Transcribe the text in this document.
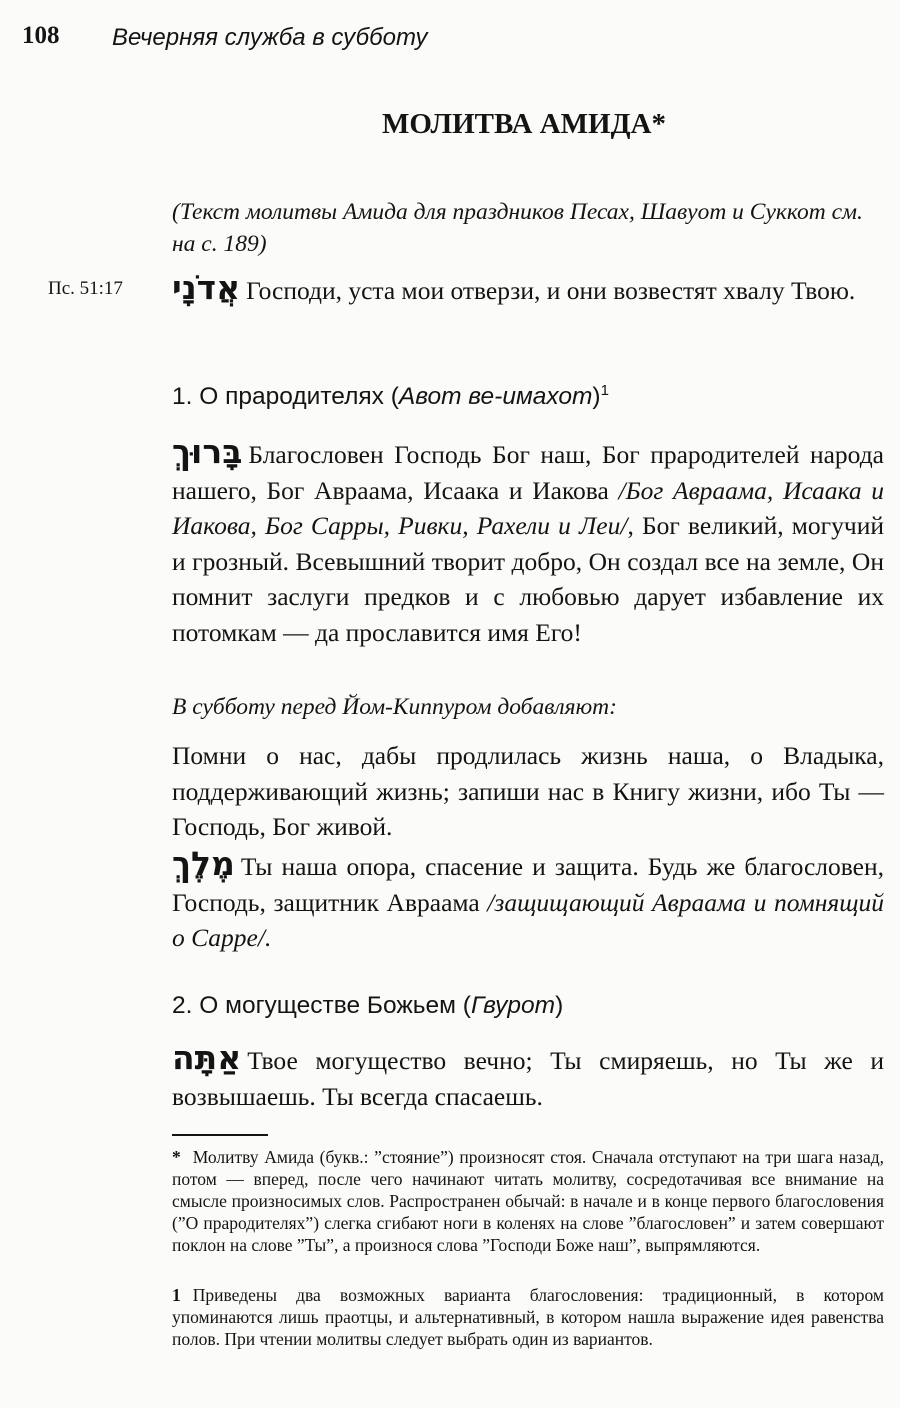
108 Вечерняя служба в субботу
МОЛИТВА АМИДА*
(Текст молитвы Амида для праздников Песах, Шавуот и Суккот см. на с. 189)
Пс. 51:17 אֲדֹנָי Господи, уста мои отверзи, и они возвестят хвалу Твою.
1. О прародителях (Авот ве-имахот)$^1$
בָּרוּךְ Благословен Господь Бог наш, Бог прародителей народа нашего, Бог Авраама, Исаака и Иакова /Бог Авраама, Исаака и Иакова, Бог Сарры, Ривки, Рахели и Леи/, Бог великий, могучий и грозный. Всевышний творит добро, Он создал все на земле, Он помнит заслуги предков и с любовью дарует избавление их потомкам — да прославится имя Его!
В субботу перед Йом-Киппуром добавляют:
Помни о нас, дабы продлилась жизнь наша, о Владыка, поддерживающий жизнь; запиши нас в Книгу жизни, ибо Ты — Господь, Бог живой.
מֶלֶךְ Ты наша опора, спасение и защита. Будь же благословен, Господь, защитник Авраама /защищающий Авраама и помнящий о Сарре/.
2. О могуществе Божьем (Гвурот)
אַתָּה Твое могущество вечно; Ты смиряешь, но Ты же и возвышаешь. Ты всегда спасаешь.
* Молитву Амида (букв.: ”стояние”) произносят стоя. Сначала отступают на три шага назад, потом — вперед, после чего начинают читать молитву, сосредотачивая все внимание на смысле произносимых слов. Распространен обычай: в начале и в конце первого благословения (”О прародителях”) слегка сгибают ноги в коленях на слове ”благословен” и затем совершают поклон на слове ”Ты”, а произнося слова ”Господи Боже наш”, выпрямляются.
1 Приведены два возможных варианта благословения: традиционный, в котором упоминаются лишь праотцы, и альтернативный, в котором нашла выражение идея равенства полов. При чтении молитвы следует выбрать один из вариантов.
